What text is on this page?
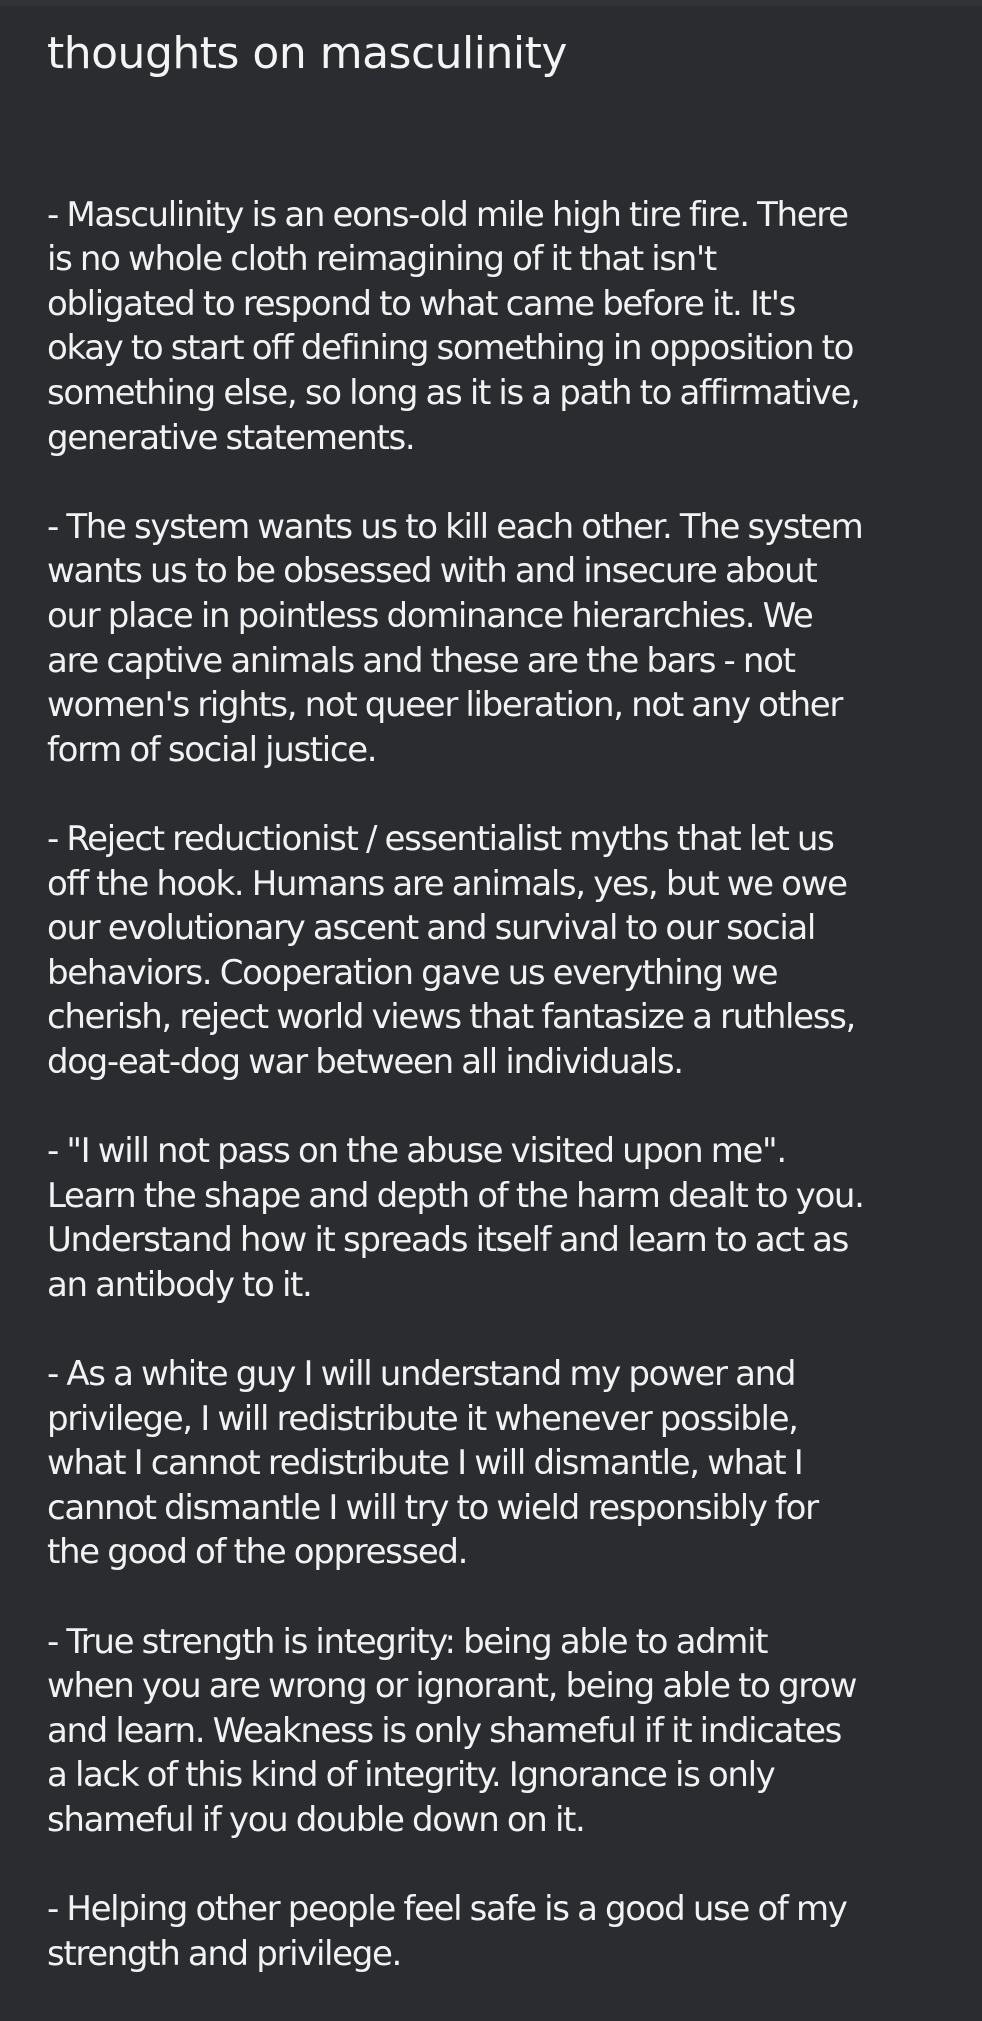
thoughts on masculinity

- Masculinity is an eons-old mile high tire fire. There
is no whole cloth reimagining of it that isn't
obligated to respond to what came before it. It's
okay to start off defining something in opposition to
something else, so long as it is a path to affirmative,
generative statements.

- The system wants us to kill each other. The system
wants us to be obsessed with and insecure about
our place in pointless dominance hierarchies. We
are captive animals and these are the bars - not
women's rights, not queer liberation, not any other
form of social justice.

- Reject reductionist / essentialist myths that let us
off the hook. Humans are animals, yes, but we owe
our evolutionary ascent and survival to our social
behaviors. Cooperation gave us everything we
cherish, reject world views that fantasize a ruthless,
dog-eat-dog war between all individuals.

- "I will not pass on the abuse visited upon me".
Learn the shape and depth of the harm dealt to you.
Understand how it spreads itself and learn to act as
an antibody to it.

- As a white guy I will understand my power and
privilege, I will redistribute it whenever possible,
what I cannot redistribute I will dismantle, what I
cannot dismantle I will try to wield responsibly for
the good of the oppressed.

- True strength is integrity: being able to admit
when you are wrong or ignorant, being able to grow
and learn. Weakness is only shameful if it indicates
a lack of this kind of integrity. Ignorance is only
shameful if you double down on it.

- Helping other people feel safe is a good use of my
strength and privilege.
